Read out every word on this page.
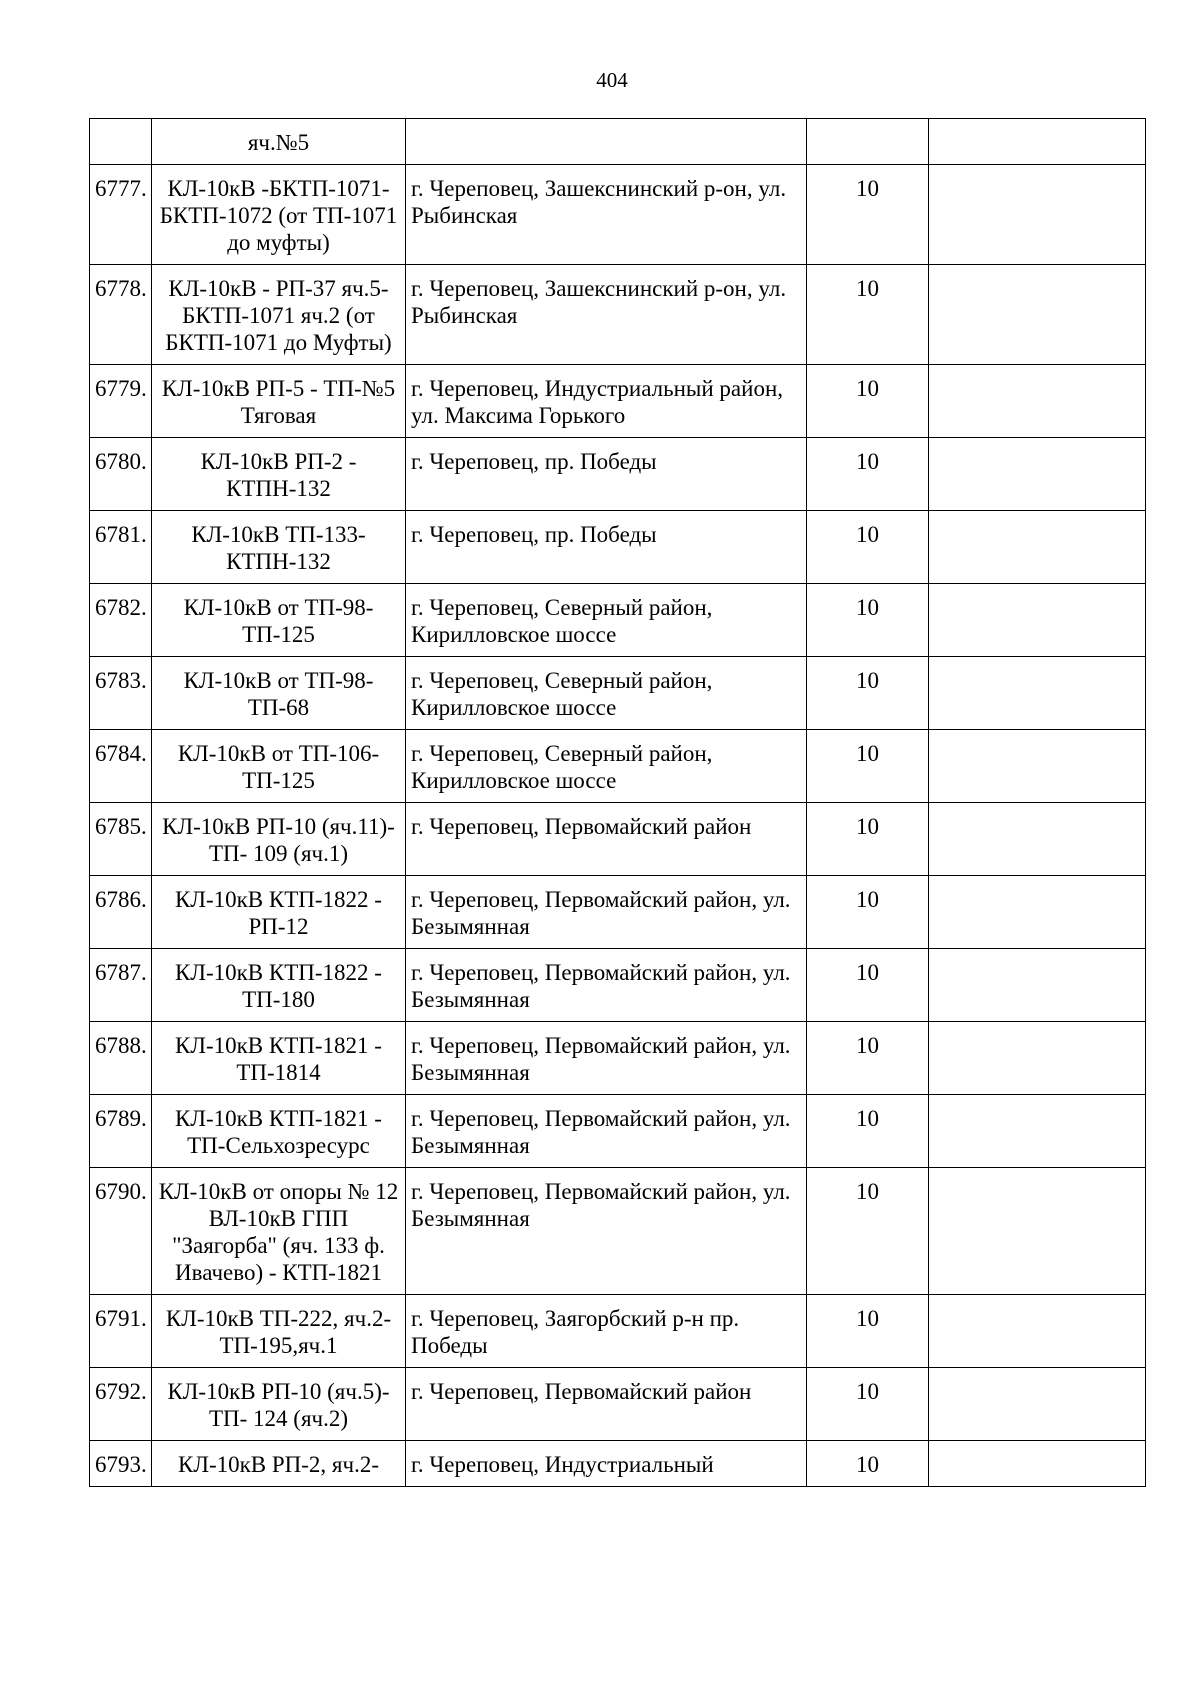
404
	яч.№5			
6777.	КЛ-10кВ -БКТП-1071-БКТП-1072 (от ТП-1071 до муфты)	г. Череповец, Зашекснинский р-он, ул. Рыбинская	10	
6778.	КЛ-10кВ - РП-37 яч.5-БКТП-1071 яч.2 (от БКТП-1071 до Муфты)	г. Череповец, Зашекснинский р-он, ул. Рыбинская	10	
6779.	КЛ-10кВ РП-5 - ТП-№5 Тяговая	г. Череповец, Индустриальный район, ул. Максима Горького	10	
6780.	КЛ-10кВ РП-2 - КТПН-132	г. Череповец, пр. Победы	10	
6781.	КЛ-10кВ ТП-133-КТПН-132	г. Череповец, пр. Победы	10	
6782.	КЛ-10кВ от ТП-98-ТП-125	г. Череповец, Северный район, Кирилловское шоссе	10	
6783.	КЛ-10кВ от ТП-98-ТП-68	г. Череповец, Северный район, Кирилловское шоссе	10	
6784.	КЛ-10кВ от ТП-106-ТП-125	г. Череповец, Северный район, Кирилловское шоссе	10	
6785.	КЛ-10кВ РП-10 (яч.11)- ТП- 109 (яч.1)	г. Череповец, Первомайский район	10	
6786.	КЛ-10кВ КТП-1822 - РП-12	г. Череповец, Первомайский район, ул. Безымянная	10	
6787.	КЛ-10кВ КТП-1822 - ТП-180	г. Череповец, Первомайский район, ул. Безымянная	10	
6788.	КЛ-10кВ КТП-1821 - ТП-1814	г. Череповец, Первомайский район, ул. Безымянная	10	
6789.	КЛ-10кВ КТП-1821 - ТП-Сельхозресурс	г. Череповец, Первомайский район, ул. Безымянная	10	
6790.	КЛ-10кВ от опоры № 12 ВЛ-10кВ ГПП "Заягорба" (яч. 133 ф. Ивачево) - КТП-1821	г. Череповец, Первомайский район, ул. Безымянная	10	
6791.	КЛ-10кВ ТП-222, яч.2-ТП-195,яч.1	г. Череповец, Заягорбский р-н пр. Победы	10	
6792.	КЛ-10кВ РП-10 (яч.5)-ТП- 124 (яч.2)	г. Череповец, Первомайский район	10	
6793.	КЛ-10кВ РП-2, яч.2-	г. Череповец, Индустриальный	10	
